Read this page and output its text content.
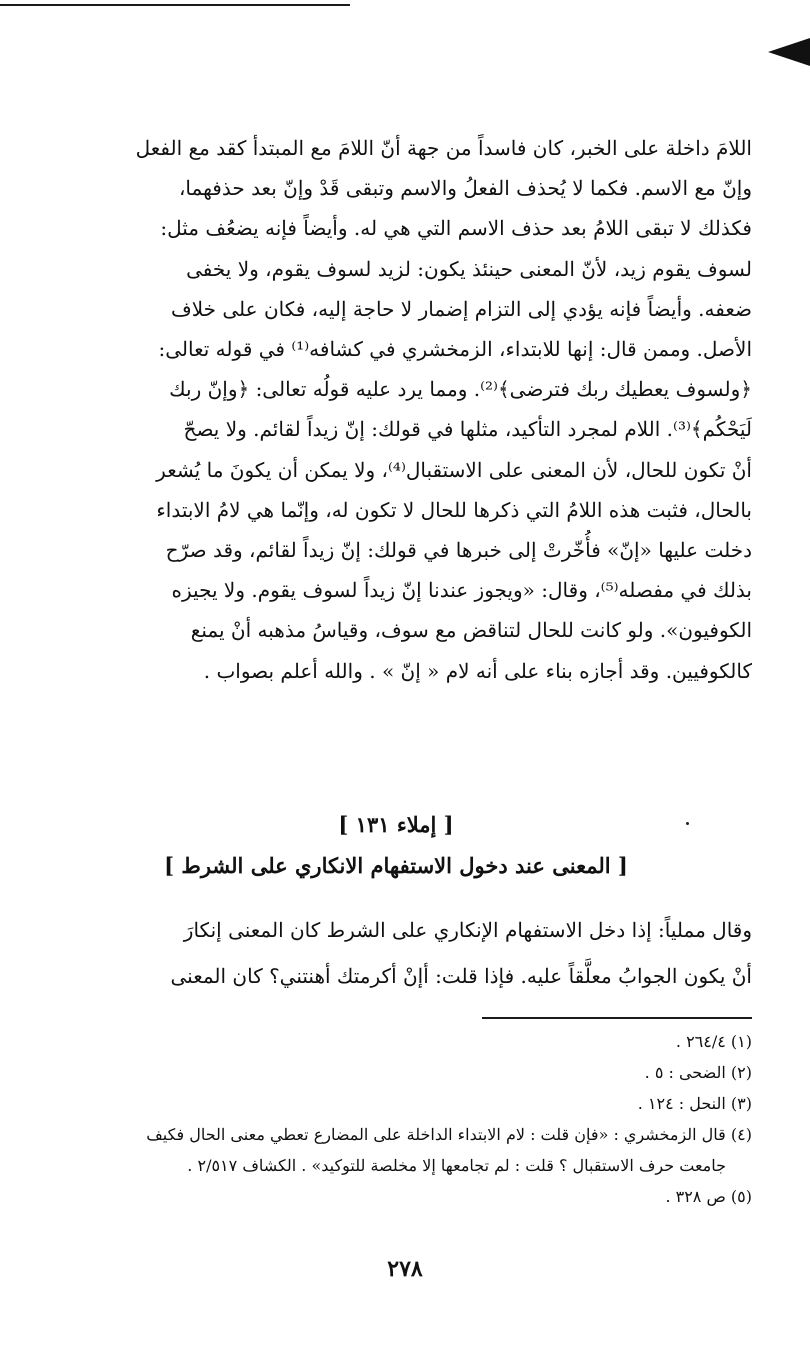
اللامَ داخلة على الخبر، كان فاسداً من جهة أنّ اللامَ مع المبتدأ كقد مع الفعل
وإنّ مع الاسم. فكما لا يُحذف الفعلُ والاسم وتبقى قَدْ وإنّ بعد حذفهما،
فكذلك لا تبقى اللامُ بعد حذف الاسم التي هي له. وأيضاً فإنه يضعُف مثل:
لسوف يقوم زيد، لأنّ المعنى حينئذ يكون: لزيد لسوف يقوم، ولا يخفى
ضعفه. وأيضاً فإنه يؤدي إلى التزام إضمار لا حاجة إليه، فكان على خلاف
الأصل. وممن قال: إنها للابتداء، الزمخشري في كشافه⁽¹⁾ في قوله تعالى:
﴿ولسوف يعطيك ربك فترضى﴾⁽²⁾. ومما يرد عليه قولُه تعالى: ﴿وإنّ ربك
لَيَحْكُم﴾⁽³⁾. اللام لمجرد التأكيد، مثلها في قولك: إنّ زيداً لقائم. ولا يصحّ
أنْ تكون للحال، لأن المعنى على الاستقبال⁽⁴⁾، ولا يمكن أن يكونَ ما يُشعر
بالحال، فثبت هذه اللامُ التي ذكرها للحال لا تكون له، وإنّما هي لامُ الابتداء
دخلت عليها «إنّ» فأُخّرتْ إلى خبرها في قولك: إنّ زيداً لقائم، وقد صرّح
بذلك في مفصله⁽⁵⁾، وقال: «ويجوز عندنا إنّ زيداً لسوف يقوم. ولا يجيزه
الكوفيون». ولو كانت للحال لتناقض مع سوف، وقياسُ مذهبه أنْ يمنع
كالكوفيين. وقد أجازه بناء على أنه لام « إنّ » . والله أعلم بصواب .
[ إملاء ١٣١ ]
[ المعنى عند دخول الاستفهام الانكاري على الشرط ]
وقال مملياً: إذا دخل الاستفهام الإنكاري على الشرط كان المعنى إنكارَ
أنْ يكون الجوابُ معلَّقاً عليه. فإذا قلت: أإنْ أكرمتك أهنتني؟ كان المعنى
(١) ٢٦٤/٤ .
(٢) الضحى : ٥ .
(٣) النحل : ١٢٤ .
(٤) قال الزمخشري : «فإن قلت : لام الابتداء الداخلة على المضارع تعطي معنى الحال فكيف
جامعت حرف الاستقبال ؟ قلت : لم تجامعها إلا مخلصة للتوكيد» . الكشاف ٢/٥١٧ .
(٥) ص ٣٢٨ .
٢٧٨
